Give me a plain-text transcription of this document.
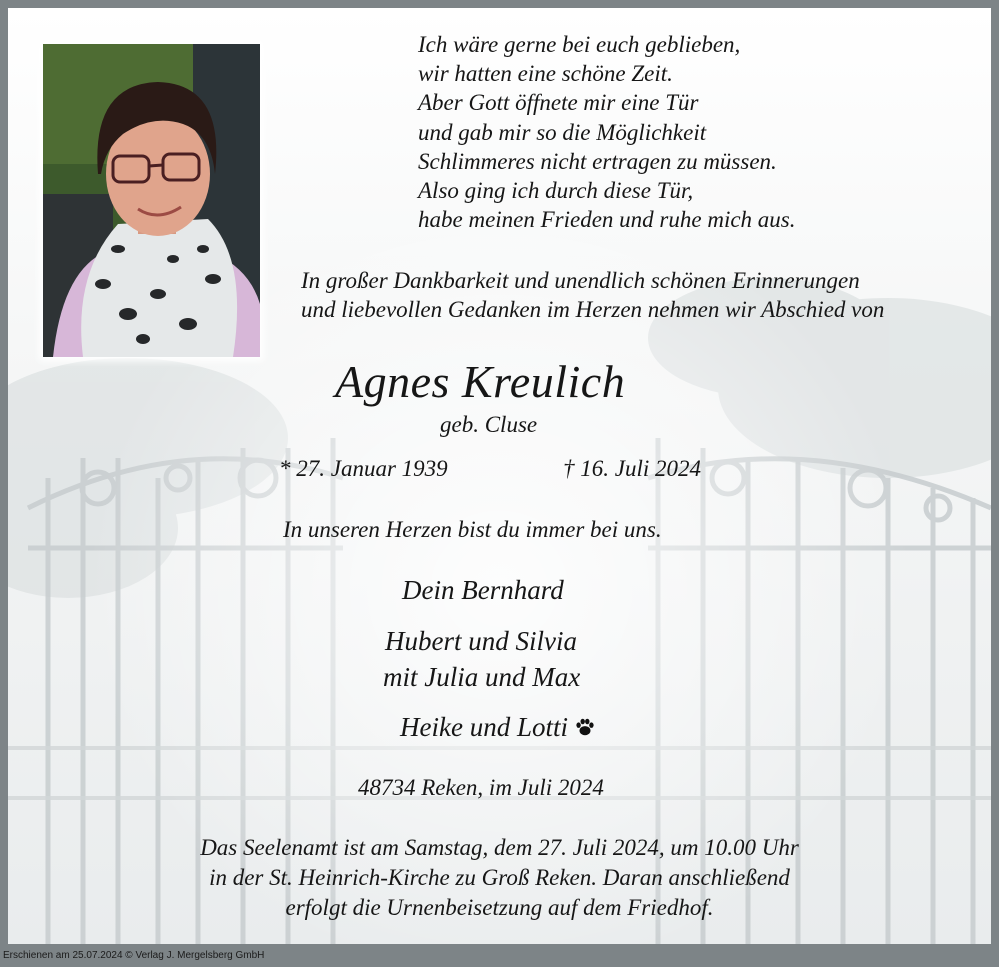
Ich wäre gerne bei euch geblieben,
wir hatten eine schöne Zeit.
Aber Gott öffnete mir eine Tür
und gab mir so die Möglichkeit
Schlimmeres nicht ertragen zu müssen.
Also ging ich durch diese Tür,
habe meinen Frieden und ruhe mich aus.
In großer Dankbarkeit und unendlich schönen Erinnerungen
und liebevollen Gedanken im Herzen nehmen wir Abschied von
Agnes Kreulich
geb. Cluse
* 27. Januar 1939	† 16. Juli 2024
In unseren Herzen bist du immer bei uns.
Dein Bernhard
Hubert und Silvia
mit Julia und Max
Heike und Lotti
48734 Reken, im Juli 2024
Das Seelenamt ist am Samstag, dem 27. Juli 2024, um 10.00 Uhr
in der St. Heinrich-Kirche zu Groß Reken. Daran anschließend
erfolgt die Urnenbeisetzung auf dem Friedhof.
Erschienen am 25.07.2024 © Verlag J. Mergelsberg GmbH
